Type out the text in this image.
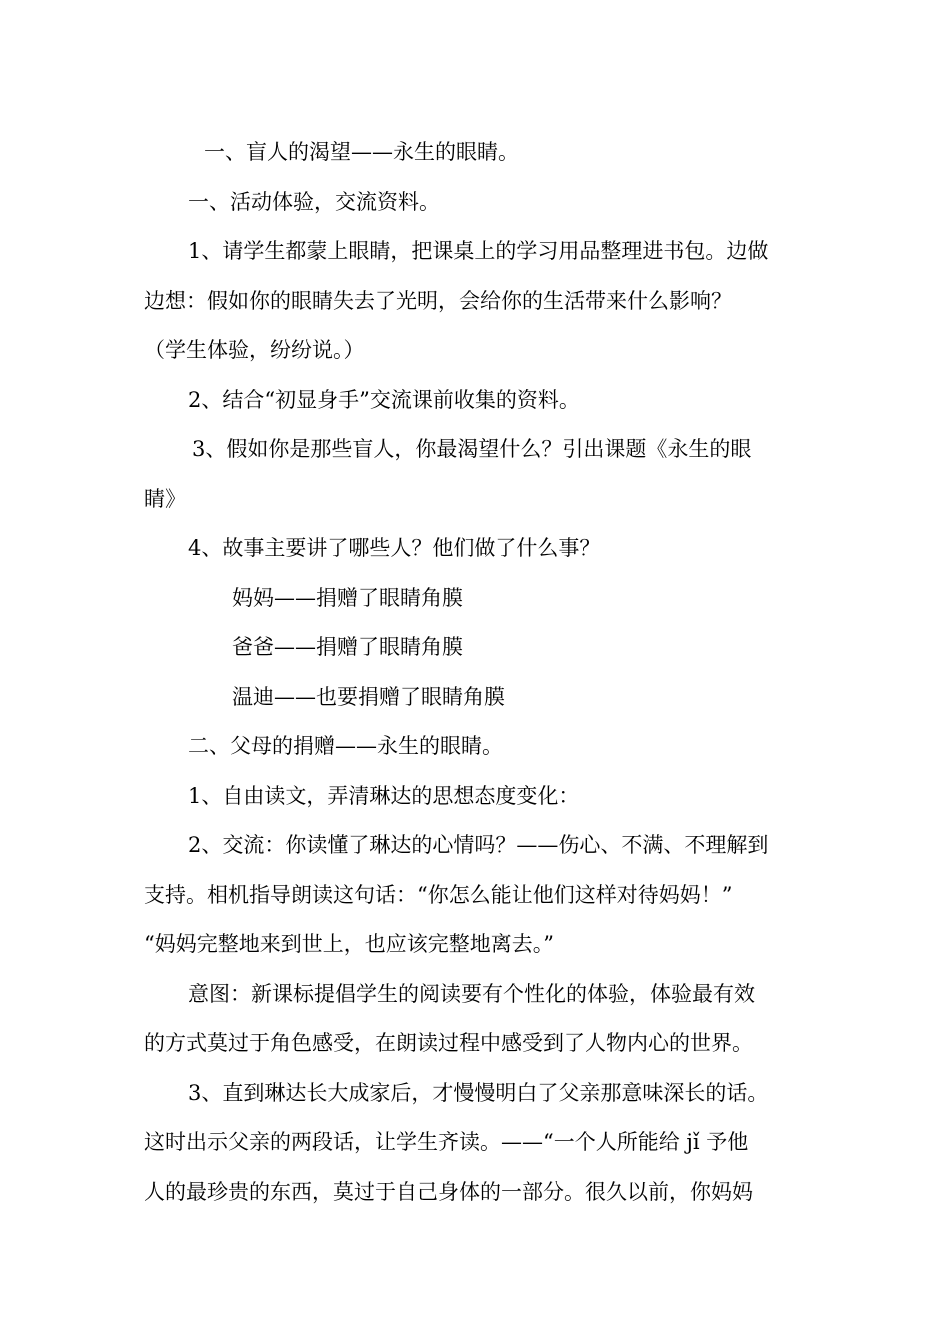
一、盲人的渴望——永生的眼睛。

一、活动体验，交流资料。

1、请学生都蒙上眼睛，把课桌上的学习用品整理进书包。边做

边想：假如你的眼睛失去了光明，会给你的生活带来什么影响？

（学生体验，纷纷说。）

2、结合“初显身手”交流课前收集的资料。

3、假如你是那些盲人，你最渴望什么？引出课题《永生的眼

睛》

4、故事主要讲了哪些人？他们做了什么事？

妈妈——捐赠了眼睛角膜

爸爸——捐赠了眼睛角膜

温迪——也要捐赠了眼睛角膜

二、父母的捐赠——永生的眼睛。

1、自由读文，弄清琳达的思想态度变化：

2、交流：你读懂了琳达的心情吗？——伤心、不满、不理解到

支持。相机指导朗读这句话：“你怎么能让他们这样对待妈妈！”

“妈妈完整地来到世上，也应该完整地离去。”

意图：新课标提倡学生的阅读要有个性化的体验，体验最有效

的方式莫过于角色感受，在朗读过程中感受到了人物内心的世界。

3、直到琳达长大成家后，才慢慢明白了父亲那意味深长的话。

这时出示父亲的两段话，让学生齐读。——“一个人所能给 jǐ 予他

人的最珍贵的东西，莫过于自己身体的一部分。很久以前，你妈妈
